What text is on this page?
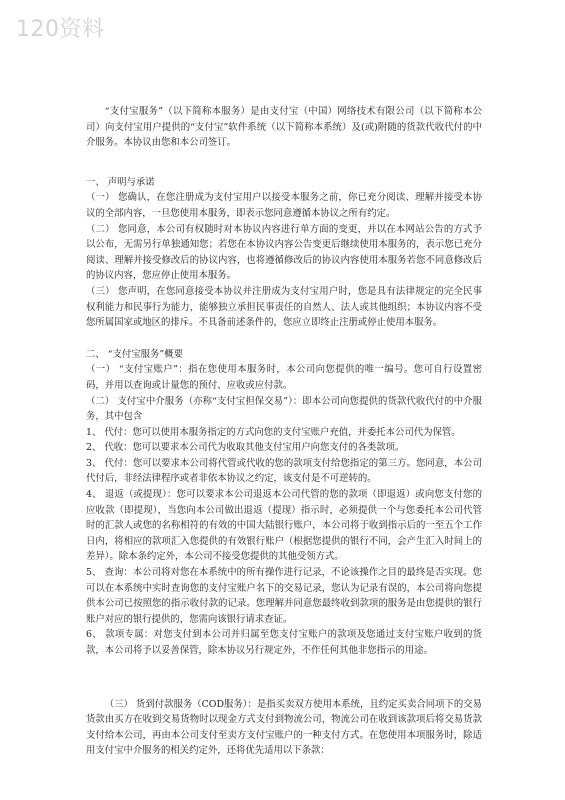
120资料

“支付宝服务”（以下简称本服务）是由支付宝（中国）网络技术有限公司（以下简称本公司）向支付宝用户提供的“支付宝”软件系统（以下简称本系统）及(或)附随的货款代收代付的中介服务。本协议由您和本公司签订。

一、 声明与承诺

（一） 您确认，在您注册成为支付宝用户以接受本服务之前，你已充分阅读、理解并接受本协议的全部内容，一旦您使用本服务，即表示您同意遵循本协议之所有约定。

（二） 您同意，本公司有权随时对本协议内容进行单方面的变更，并以在本网站公告的方式予以公布，无需另行单独通知您；若您在本协议内容公告变更后继续使用本服务的，表示您已充分阅读、理解并接受修改后的协议内容，也将遵循修改后的协议内容使用本服务若您不同意修改后的协议内容，您应停止使用本服务。

（三） 您声明，在您同意接受本协议并注册成为支付宝用户时，您是具有法律规定的完全民事权利能力和民事行为能力，能够独立承担民事责任的自然人、法人或其他组织；本协议内容不受您所属国家或地区的排斥。不具备前述条件的，您应立即终止注册或停止使用本服务。

二、 “支付宝服务”概要

（一） “支付宝账户”：指在您使用本服务时，本公司向您提供的唯一编号。您可自行设置密码，并用以查询或计量您的预付、应收或应付款。

（二） 支付宝中介服务（亦称“支付宝担保交易”）：即本公司向您提供的货款代收代付的中介服务，其中包含

1、 代付：您可以使用本服务指定的方式向您的支付宝账户充值，并委托本公司代为保管。

2、 代收：您可以要求本公司代为收取其他支付宝用户向您支付的各类款项。

3、 代付：您可以要求本公司将代管或代收的您的款项支付给您指定的第三方。您同意，本公司代付后，非经法律程序或者非依本协议之约定，该支付是不可逆转的。

4、 退返（或提现）：您可以要求本公司退返本公司代管的您的款项（即退返）或向您支付您的应收款（即提现），当您向本公司做出退返（提现）指示时，必须提供一个与您委托本公司代管时的汇款人或您的名称相符的有效的中国大陆银行账户，本公司将于收到指示后的一至五个工作日内，将相应的款项汇入您提供的有效银行账户（根据您提供的银行不同，会产生汇入时间上的差异）。除本条约定外，本公司不接受您提供的其他受领方式。

5、 查询：本公司将对您在本系统中的所有操作进行记录，不论该操作之目的最终是否实现。您可以在本系统中实时查询您的支付宝账户名下的交易记录，您认为记录有误的，本公司将向您提供本公司已按照您的指示收付款的记录。您理解并同意您最终收到款项的服务是由您提供的银行账户对应的银行提供的，您需向该银行请求查证。

6、 款项专属：对您支付到本公司并归属至您支付宝账户的款项及您通过支付宝账户收到的货款，本公司将予以妥善保管，除本协议另行规定外，不作任何其他非您指示的用途。

（三） 货到付款服务（COD服务）：是指买卖双方使用本系统，且约定买卖合同项下的交易货款由买方在收到交易货物时以现金方式支付到物流公司，物流公司在收到该款项后将交易货款支付给本公司，再由本公司支付至卖方支付宝账户的一种支付方式。在您使用本项服务时，除适用支付宝中介服务的相关约定外，还将优先适用以下条款：
